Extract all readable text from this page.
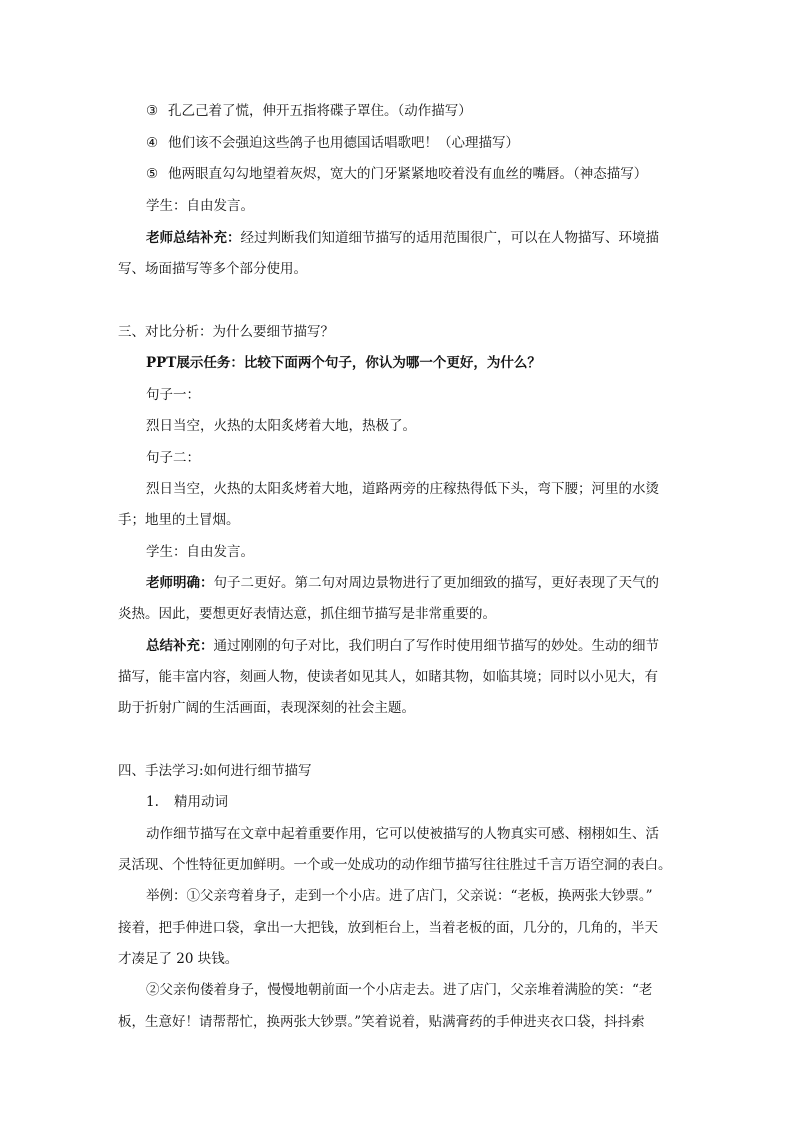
③ 孔乙己着了慌，伸开五指将碟子罩住。（动作描写）
④ 他们该不会强迫这些鸽子也用德国话唱歌吧！（心理描写）
⑤ 他两眼直勾勾地望着灰烬，宽大的门牙紧紧地咬着没有血丝的嘴唇。（神态描写）
学生：自由发言。
老师总结补充：经过判断我们知道细节描写的适用范围很广，可以在人物描写、环境描
写、场面描写等多个部分使用。
三、对比分析：为什么要细节描写？
PPT展示任务：比较下面两个句子，你认为哪一个更好，为什么？
句子一：
烈日当空，火热的太阳炙烤着大地，热极了。
句子二：
烈日当空，火热的太阳炙烤着大地，道路两旁的庄稼热得低下头，弯下腰；河里的水烫
手；地里的土冒烟。
学生：自由发言。
老师明确：句子二更好。第二句对周边景物进行了更加细致的描写，更好表现了天气的
炎热。因此，要想更好表情达意，抓住细节描写是非常重要的。
总结补充：通过刚刚的句子对比，我们明白了写作时使用细节描写的妙处。生动的细节
描写，能丰富内容，刻画人物，使读者如见其人，如睹其物，如临其境；同时以小见大，有
助于折射广阔的生活画面，表现深刻的社会主题。
四、手法学习:如何进行细节描写
1. 精用动词
动作细节描写在文章中起着重要作用，它可以使被描写的人物真实可感、栩栩如生、活
灵活现、个性特征更加鲜明。一个或一处成功的动作细节描写往往胜过千言万语空洞的表白。
举例：①父亲弯着身子，走到一个小店。进了店门，父亲说：“老板，换两张大钞票。”
接着，把手伸进口袋，拿出一大把钱，放到柜台上，当着老板的面，几分的，几角的，半天
才凑足了 20 块钱。
②父亲佝偻着身子，慢慢地朝前面一个小店走去。进了店门，父亲堆着满脸的笑：“老
板，生意好！请帮帮忙，换两张大钞票。”笑着说着，贴满膏药的手伸进夹衣口袋，抖抖索
